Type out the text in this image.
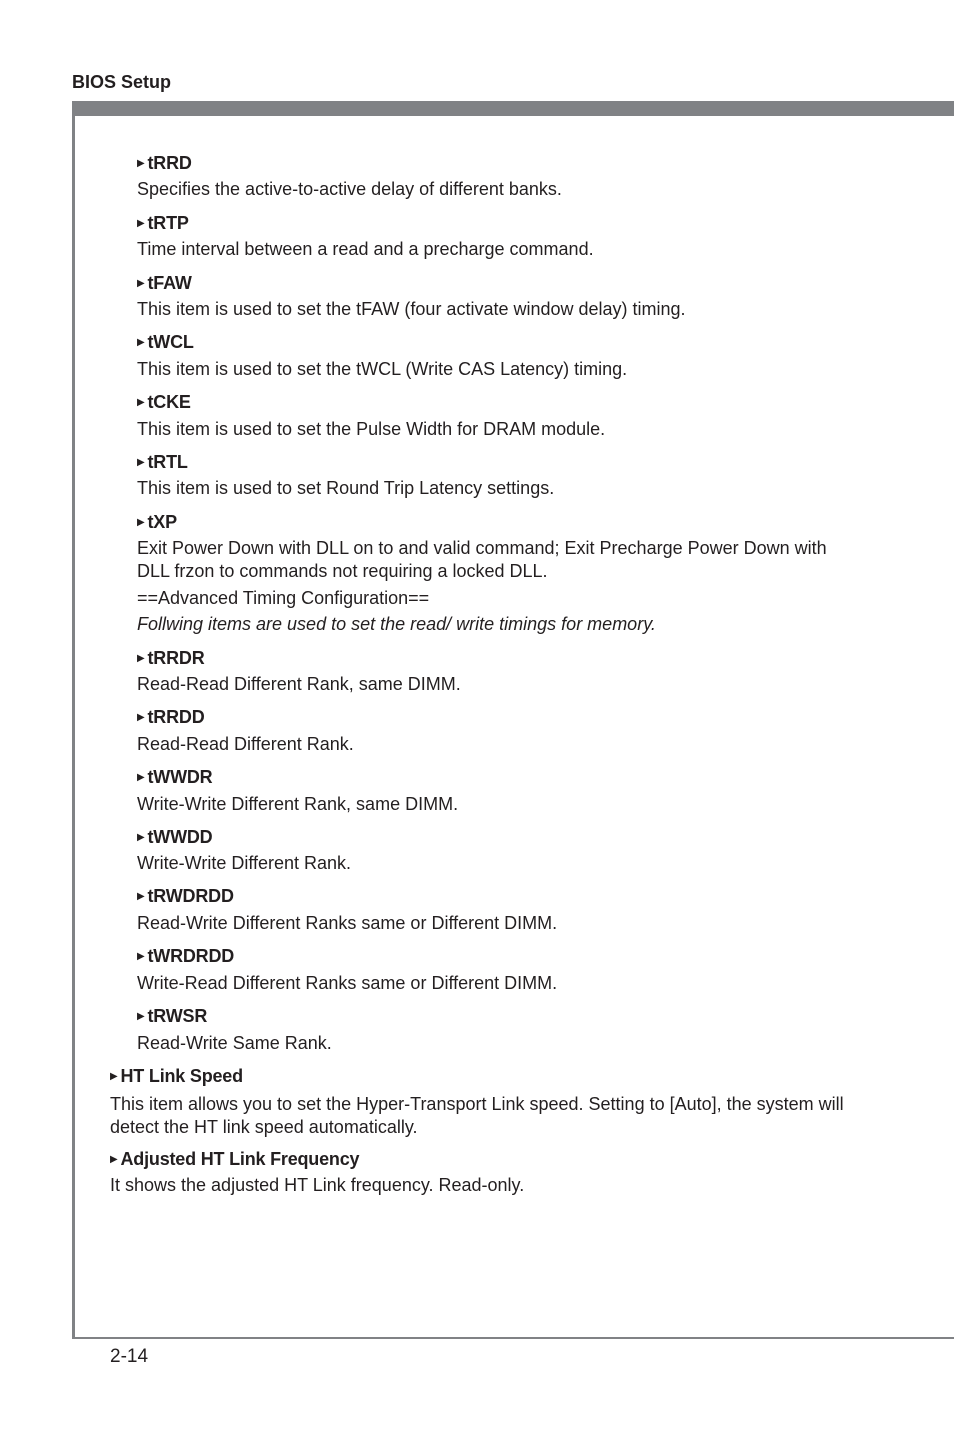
BIOS Setup
▶ tRRD
Specifies the active-to-active delay of different banks.
▶ tRTP
Time interval between a read and a precharge command.
▶ tFAW
This item is used to set the tFAW (four activate window delay) timing.
▶ tWCL
This item is used to set the tWCL (Write CAS Latency) timing.
▶ tCKE
This item is used to set the Pulse Width for DRAM module.
▶ tRTL
This item is used to set Round Trip Latency settings.
▶ tXP
Exit Power Down with DLL on to and valid command; Exit Precharge Power Down with DLL frzon to commands not requiring a locked DLL.
==Advanced Timing Configuration==
Follwing items are used to set the read/ write timings for memory.
▶ tRRDR
Read-Read Different Rank, same DIMM.
▶ tRRDD
Read-Read Different Rank.
▶ tWWDR
Write-Write Different Rank, same DIMM.
▶ tWWDD
Write-Write Different Rank.
▶ tRWDRDD
Read-Write Different Ranks same or Different DIMM.
▶ tWRDRDD
Write-Read Different Ranks same or Different DIMM.
▶ tRWSR
Read-Write Same Rank.
▶ HT Link Speed
This item allows you to set the Hyper-Transport Link speed. Setting to [Auto], the system will detect the HT link speed automatically.
▶ Adjusted HT Link Frequency
It shows the adjusted HT Link frequency. Read-only.
2-14
